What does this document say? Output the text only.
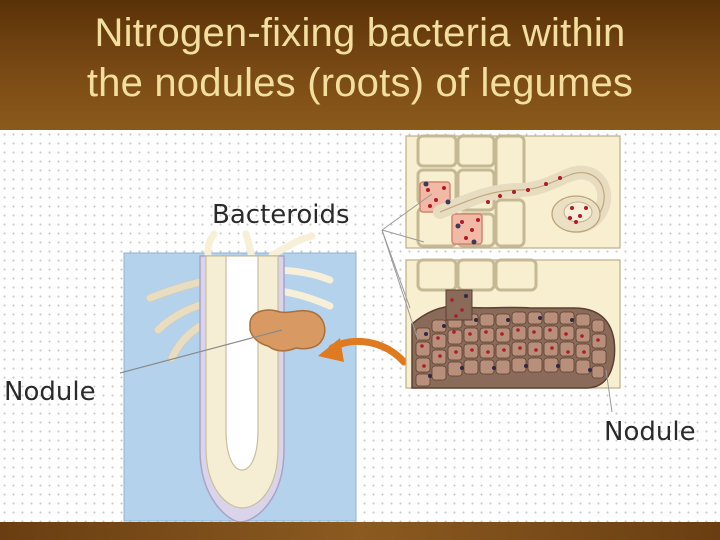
Nitrogen‑fixing bacteria within
the nodules (roots) of legumes
Bacteroids
Nodule
Nodule
